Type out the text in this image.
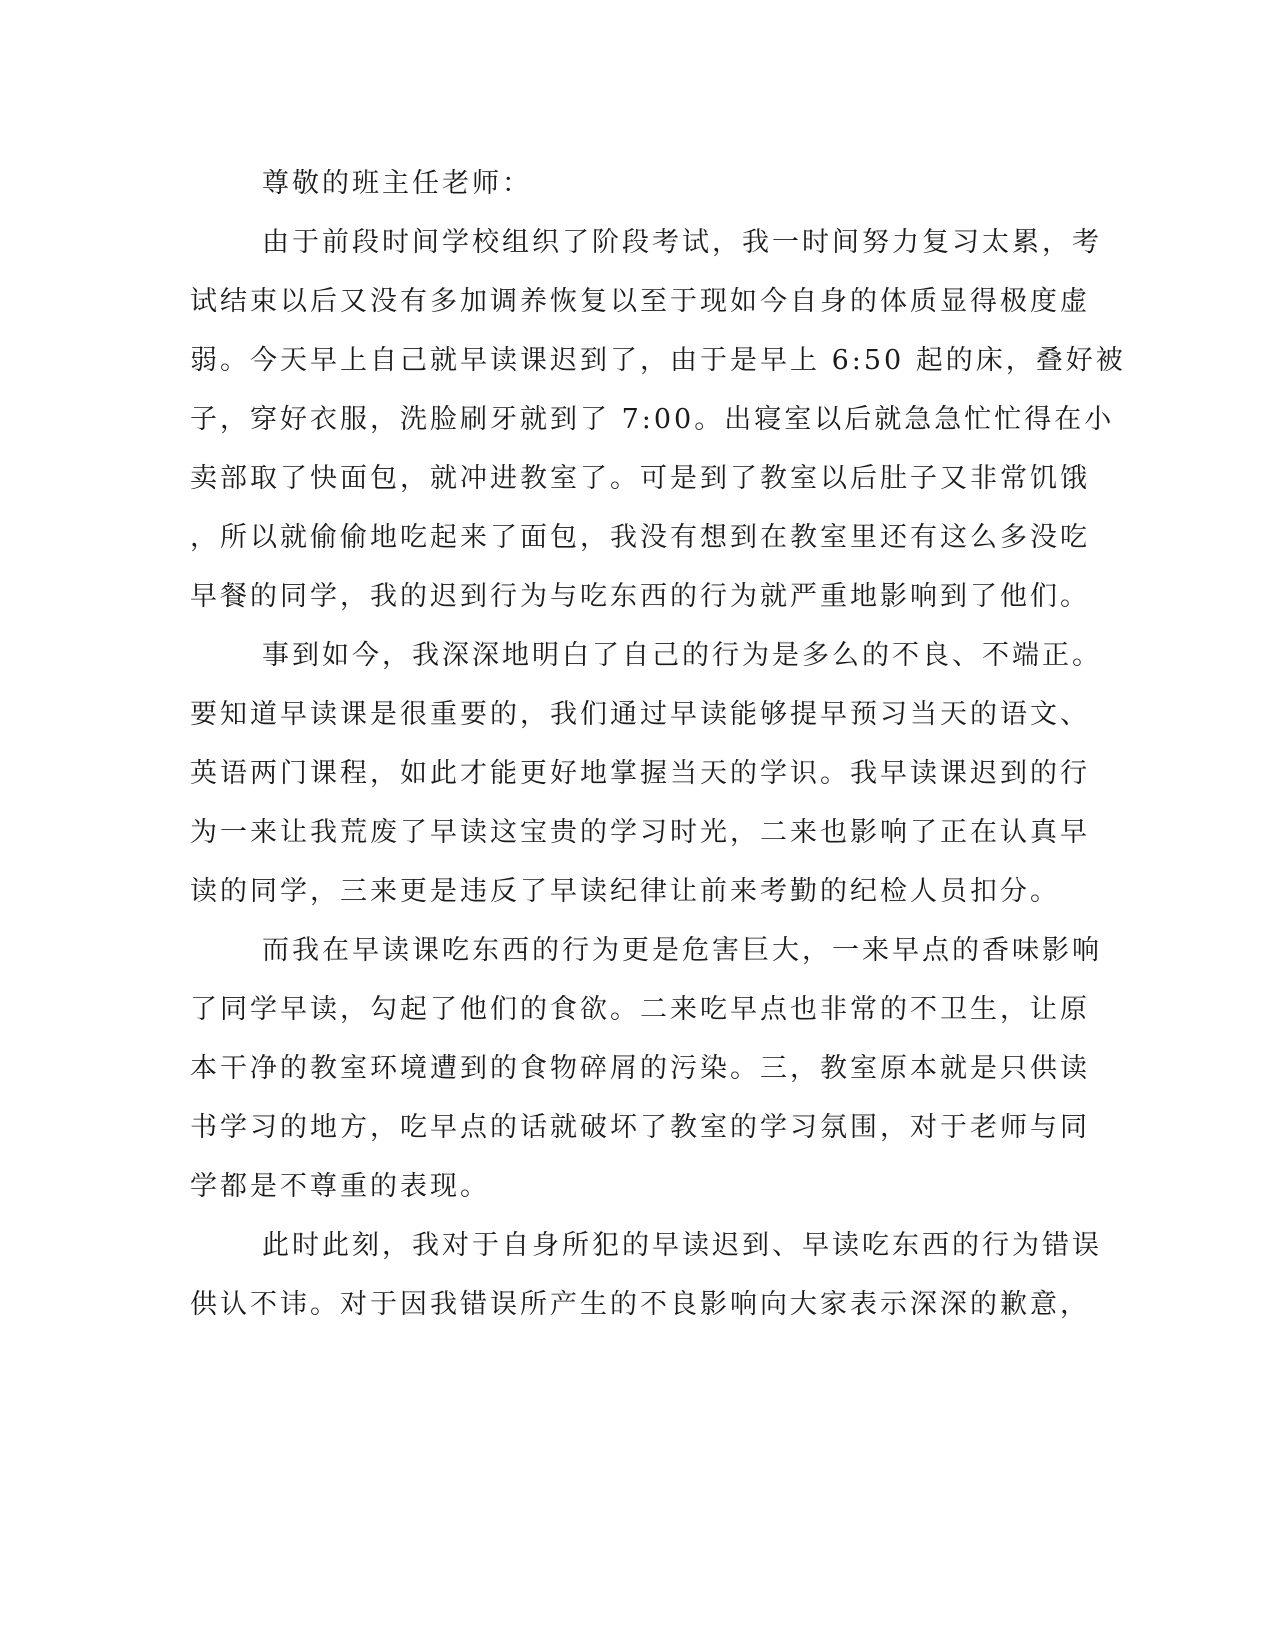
尊敬的班主任老师：
由于前段时间学校组织了阶段考试，我一时间努力复习太累，考
试结束以后又没有多加调养恢复以至于现如今自身的体质显得极度虚
弱。今天早上自己就早读课迟到了，由于是早上 6:50 起的床，叠好被
子，穿好衣服，洗脸刷牙就到了 7:00。出寝室以后就急急忙忙得在小
卖部取了快面包，就冲进教室了。可是到了教室以后肚子又非常饥饿
，所以就偷偷地吃起来了面包，我没有想到在教室里还有这么多没吃
早餐的同学，我的迟到行为与吃东西的行为就严重地影响到了他们。
事到如今，我深深地明白了自己的行为是多么的不良、不端正。
要知道早读课是很重要的，我们通过早读能够提早预习当天的语文、
英语两门课程，如此才能更好地掌握当天的学识。我早读课迟到的行
为一来让我荒废了早读这宝贵的学习时光，二来也影响了正在认真早
读的同学，三来更是违反了早读纪律让前来考勤的纪检人员扣分。
而我在早读课吃东西的行为更是危害巨大，一来早点的香味影响
了同学早读，勾起了他们的食欲。二来吃早点也非常的不卫生，让原
本干净的教室环境遭到的食物碎屑的污染。三，教室原本就是只供读
书学习的地方，吃早点的话就破坏了教室的学习氛围，对于老师与同
学都是不尊重的表现。
此时此刻，我对于自身所犯的早读迟到、早读吃东西的行为错误
供认不讳。对于因我错误所产生的不良影响向大家表示深深的歉意，
